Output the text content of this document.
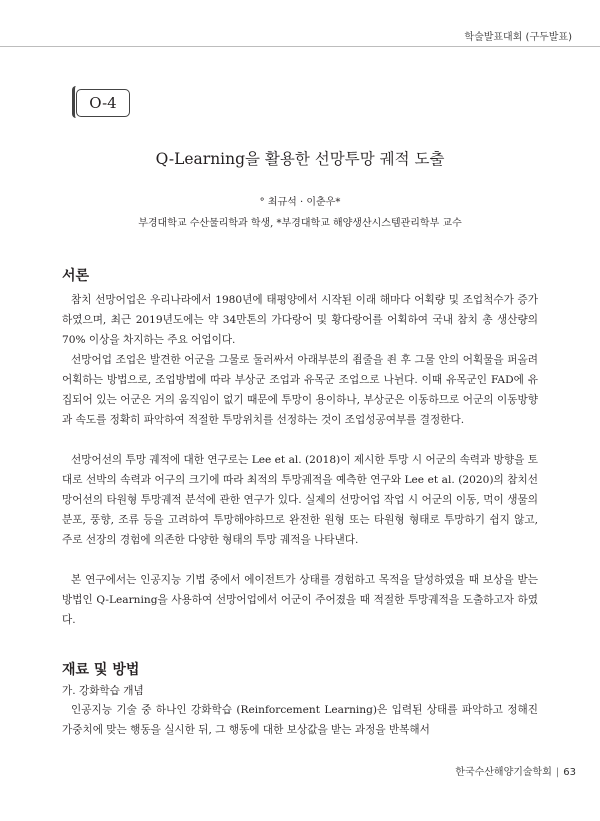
학술발표대회 (구두발표)
O-4
Q-Learning을 활용한 선망투망 궤적 도출
° 최규석 · 이춘우*
부경대학교 수산물리학과 학생, *부경대학교 해양생산시스템관리학부 교수
서론

참치 선망어업은 우리나라에서 1980년에 태평양에서 시작된 이래 해마다 어획량 및 조업척수가 증가하였으며, 최근 2019년도에는 약 34만톤의 가다랑어 및 황다랑어를 어획하여 국내 참치 총 생산량의 70% 이상을 차지하는 주요 어업이다.

선망어업 조업은 발견한 어군을 그물로 둘러싸서 아래부분의 죔줄을 죈 후 그물 안의 어획물을 퍼올려 어획하는 방법으로, 조업방법에 따라 부상군 조업과 유목군 조업으로 나뉜다. 이때 유목군인 FAD에 유집되어 있는 어군은 거의 움직임이 없기 때문에 투망이 용이하나, 부상군은 이동하므로 어군의 이동방향과 속도를 정확히 파악하여 적절한 투망위치를 선정하는 것이 조업성공여부를 결정한다.

선망어선의 투망 궤적에 대한 연구로는 Lee et al. (2018)이 제시한 투망 시 어군의 속력과 방향을 토대로 선박의 속력과 어구의 크기에 따라 최적의 투망궤적을 예측한 연구와 Lee et al. (2020)의 참치선망어선의 타원형 투망궤적 분석에 관한 연구가 있다. 실제의 선망어업 작업 시 어군의 이동, 먹이 생물의 분포, 풍향, 조류 등을 고려하여 투망해야하므로 완전한 원형 또는 타원형 형태로 투망하기 쉽지 않고, 주로 선장의 경험에 의존한 다양한 형태의 투망 궤적을 나타낸다.

본 연구에서는 인공지능 기법 중에서 에이전트가 상태를 경험하고 목적을 달성하였을 때 보상을 받는 방법인 Q-Learning을 사용하여 선망어업에서 어군이 주어졌을 때 적절한 투망궤적을 도출하고자 하였다.

재료 및 방법
가. 강화학습 개념

인공지능 기술 중 하나인 강화학습 (Reinforcement Learning)은 입력된 상태를 파악하고 정해진 가중치에 맞는 행동을 실시한 뒤, 그 행동에 대한 보상값을 받는 과정을 반복해서

한국수산해양기술학회 | 63
